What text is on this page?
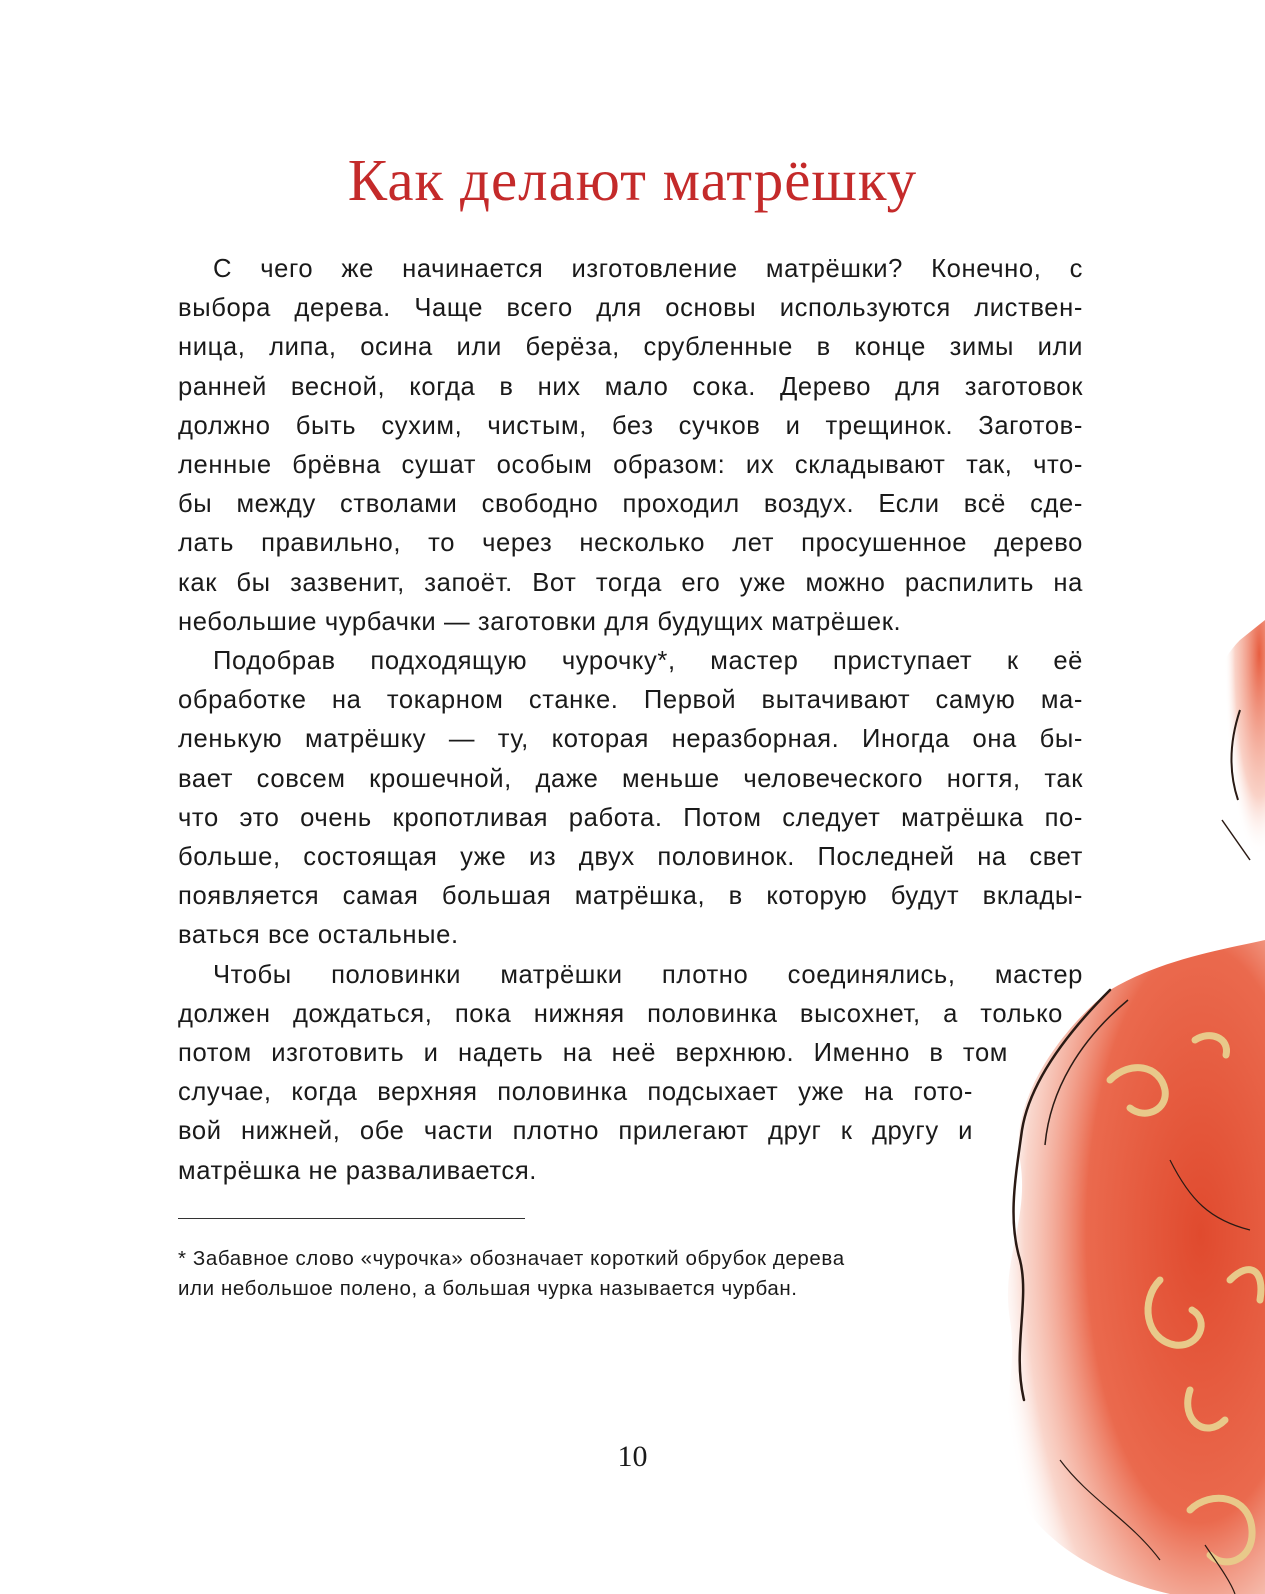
Как делают матрёшку

С чего же начинается изготовление матрёшки? Конечно, с
выбора дерева. Чаще всего для основы используются листвен-
ница, липа, осина или берёза, срубленные в конце зимы или
ранней весной, когда в них мало сока. Дерево для заготовок
должно быть сухим, чистым, без сучков и трещинок. Заготов-
ленные брёвна сушат особым образом: их складывают так, что-
бы между стволами свободно проходил воздух. Если всё сде-
лать правильно, то через несколько лет просушенное дерево
как бы зазвенит, запоёт. Вот тогда его уже можно распилить на
небольшие чурбачки — заготовки для будущих матрёшек.

Подобрав подходящую чурочку*, мастер приступает к её
обработке на токарном станке. Первой вытачивают самую ма-
ленькую матрёшку — ту, которая неразборная. Иногда она бы-
вает совсем крошечной, даже меньше человеческого ногтя, так
что это очень кропотливая работа. Потом следует матрёшка по-
больше, состоящая уже из двух половинок. Последней на свет
появляется самая большая матрёшка, в которую будут вклады-
ваться все остальные.

Чтобы половинки матрёшки плотно соединялись, мастер
должен дождаться, пока нижняя половинка высохнет, а только
потом изготовить и надеть на неё верхнюю. Именно в том
случае, когда верхняя половинка подсыхает уже на гото-
вой нижней, обе части плотно прилегают друг к другу и
матрёшка не разваливается.

* Забавное слово «чурочка» обозначает короткий обрубок дерева
или небольшое полено, а большая чурка называется чурбан.
10
